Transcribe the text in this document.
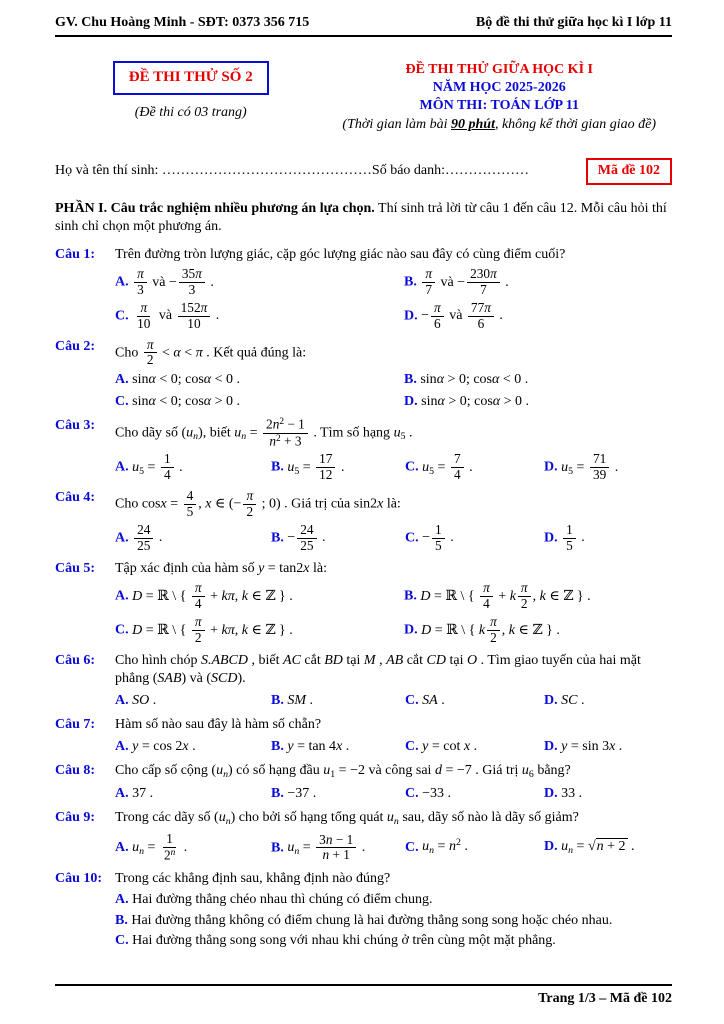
GV. Chu Hoàng Minh - SĐT: 0373 356 715	Bộ đề thi thử giữa học kì I lớp 11
ĐỀ THI THỬ SỐ 2
(Đề thi có 03 trang)
ĐỀ THI THỬ GIỮA HỌC KÌ I
NĂM HỌC 2025-2026
MÔN THI: TOÁN LỚP 11
(Thời gian làm bài 90 phút, không kể thời gian giao đề)
Họ và tên thí sinh: ………………………………………Số báo danh:………………	Mã đề 102
PHẦN I. Câu trắc nghiệm nhiều phương án lựa chọn. Thí sinh trả lời từ câu 1 đến câu 12. Mỗi câu hỏi thí sinh chỉ chọn một phương án.
Câu 1: Trên đường tròn lượng giác, cặp góc lượng giác nào sau đây có cùng điểm cuối?
A. $\frac{\pi}{3}$ và − $\frac{35\pi}{3}$ .	B. $\frac{\pi}{7}$ và − $\frac{230\pi}{7}$ .
C. $\frac{\pi}{10}$ và $\frac{152\pi}{10}$ .	D. − $\frac{\pi}{6}$ và $\frac{77\pi}{6}$ .
Câu 2: Cho $\frac{\pi}{2} < \alpha < \pi$ . Kết quả đúng là:
A. sinα < 0; cosα < 0 .	B. sinα > 0; cosα < 0 .
C. sinα < 0; cosα > 0 .	D. sinα > 0; cosα > 0 .
Câu 3: Cho dãy số $(u_n)$, biết $u_n = \frac{2n^2 - 1}{n^2 + 3}$ . Tìm số hạng $u_5$ .
A. $u_5 = \frac{1}{4}$ .	B. $u_5 = \frac{17}{12}$ .	C. $u_5 = \frac{7}{4}$ .	D. $u_5 = \frac{71}{39}$ .
Câu 4: Cho $\cos x = \frac{4}{5}$ , x ∈ (− $\frac{\pi}{2}$ ; 0) . Giá trị của sin2x là:
A. $\frac{24}{25}$ .	B. − $\frac{24}{25}$ .	C. − $\frac{1}{5}$ .	D. $\frac{1}{5}$ .
Câu 5: Tập xác định của hàm số y = tan2x là:
A. D = ℝ \ { $\frac{\pi}{4} + k\pi$, k ∈ ℤ } .	B. D = ℝ \ { $\frac{\pi}{4} + k \frac{\pi}{2}$ , k ∈ ℤ } .
C. D = ℝ \ { $\frac{\pi}{2} + k\pi$, k ∈ ℤ } .	D. D = ℝ \ { k $\frac{\pi}{2}$ , k ∈ ℤ } .
Câu 6: Cho hình chóp S.ABCD , biết AC cắt BD tại M , AB cắt CD tại O . Tìm giao tuyến của hai mặt phẳng (SAB) và (SCD).
A. SO .	B. SM .	C. SA .	D. SC .
Câu 7: Hàm số nào sau đây là hàm số chẵn?
A. y = cos 2x .	B. y = tan 4x .	C. y = cot x .	D. y = sin 3x .
Câu 8: Cho cấp số cộng $(u_n)$ có số hạng đầu $u_1 = -2$ và công sai d = −7 . Giá trị $u_6$ bằng?
A. 37 .	B. −37 .	C. −33 .	D. 33 .
Câu 9: Trong các dãy số $(u_n)$ cho bởi số hạng tổng quát $u_n$ sau, dãy số nào là dãy số giảm?
A. $u_n = \frac{1}{2^n}$ .	B. $u_n = \frac{3n - 1}{n + 1}$ .	C. $u_n = n^2$ .	D. $u_n = √n + 2$ .
Câu 10: Trong các khẳng định sau, khẳng định nào đúng?
A. Hai đường thẳng chéo nhau thì chúng có điểm chung.
B. Hai đường thẳng không có điểm chung là hai đường thẳng song song hoặc chéo nhau.
C. Hai đường thẳng song song với nhau khi chúng ở trên cùng một mặt phẳng.
Trang 1/3 – Mã đề 102
